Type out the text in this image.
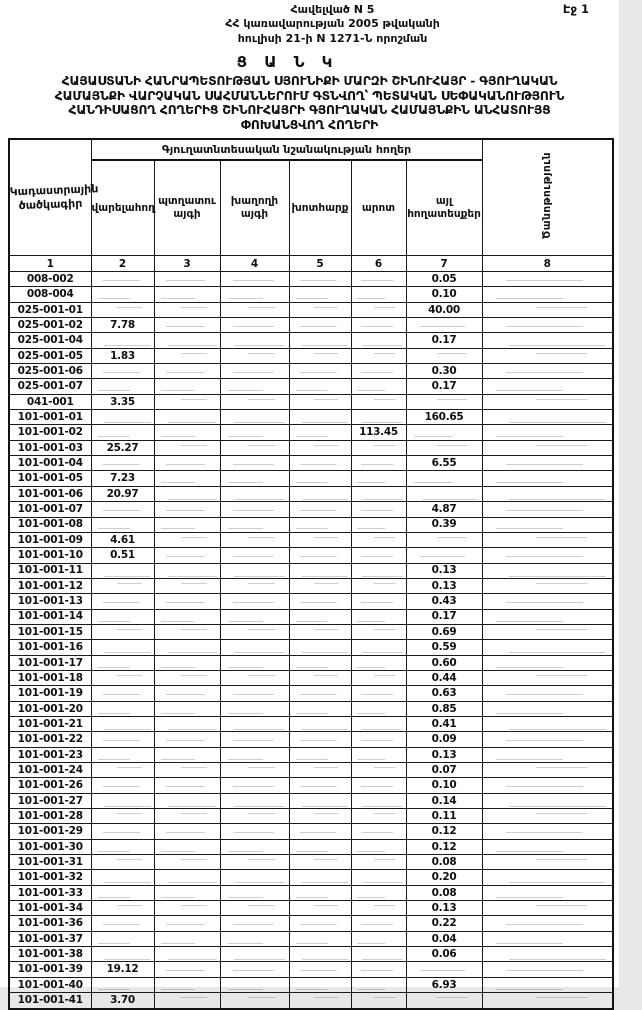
Էջ 1
Հավելված N 5
ՀՀ կառավարության 2005 թվականի
հուլիսի 21-ի N 1271-Ն որոշման
Ց Ա Ն Կ
ՀԱՅԱՍՏԱՆԻ ՀԱՆՐԱՊԵՏՈՒԹՅԱՆ ՍՅՈՒՆԻՔԻ ՄԱՐԶԻ ՇԻՆՈՒՀԱՅՐ - ԳՅՈՒՂԱԿԱՆ
ՀԱՄԱՅՆՔԻ ՎԱՐՉԱԿԱՆ ՍԱՀՄԱՆՆԵՐՈՒՄ ԳՏՆՎՈՂ՝ ՊԵՏԱԿԱՆ ՍԵՓԱԿԱՆՈՒԹՅՈՒՆ
ՀԱՆԴԻՍԱՑՈՂ ՀՈՂԵՐԻՑ ՇԻՆՈՒՀԱՅՐԻ ԳՅՈՒՂԱԿԱՆ ՀԱՄԱՅՆՔԻՆ ԱՆՀԱՏՈՒՅՑ
ՓՈԽԱՆՑՎՈՂ ՀՈՂԵՐԻ
Կադաստրային ծածկագիր	Գյուղատնտեսական նշանակության հողեր						Ծանոթություն
	վարելահող	պտղատու այգի	խաղողի այգի	խոտհարք	արոտ	այլ հողատեսքեր	
1	2	3	4	5	6	7	8
008-002						0.05	
008-004						0.10	
025-001-01						40.00	
025-001-02	7.78						
025-001-04						0.17	
025-001-05	1.83						
025-001-06						0.30	
025-001-07						0.17	
041-001	3.35						
101-001-01						160.65	
101-001-02					113.45		
101-001-03	25.27						
101-001-04						6.55	
101-001-05	7.23						
101-001-06	20.97						
101-001-07						4.87	
101-001-08						0.39	
101-001-09	4.61						
101-001-10	0.51						
101-001-11						0.13	
101-001-12						0.13	
101-001-13						0.43	
101-001-14						0.17	
101-001-15						0.69	
101-001-16						0.59	
101-001-17						0.60	
101-001-18						0.44	
101-001-19						0.63	
101-001-20						0.85	
101-001-21						0.41	
101-001-22						0.09	
101-001-23						0.13	
101-001-24						0.07	
101-001-26						0.10	
101-001-27						0.14	
101-001-28						0.11	
101-001-29						0.12	
101-001-30						0.12	
101-001-31						0.08	
101-001-32						0.20	
101-001-33						0.08	
101-001-34						0.13	
101-001-36						0.22	
101-001-37						0.04	
101-001-38						0.06	
101-001-39	19.12						
101-001-40						6.93	
101-001-41	3.70						
